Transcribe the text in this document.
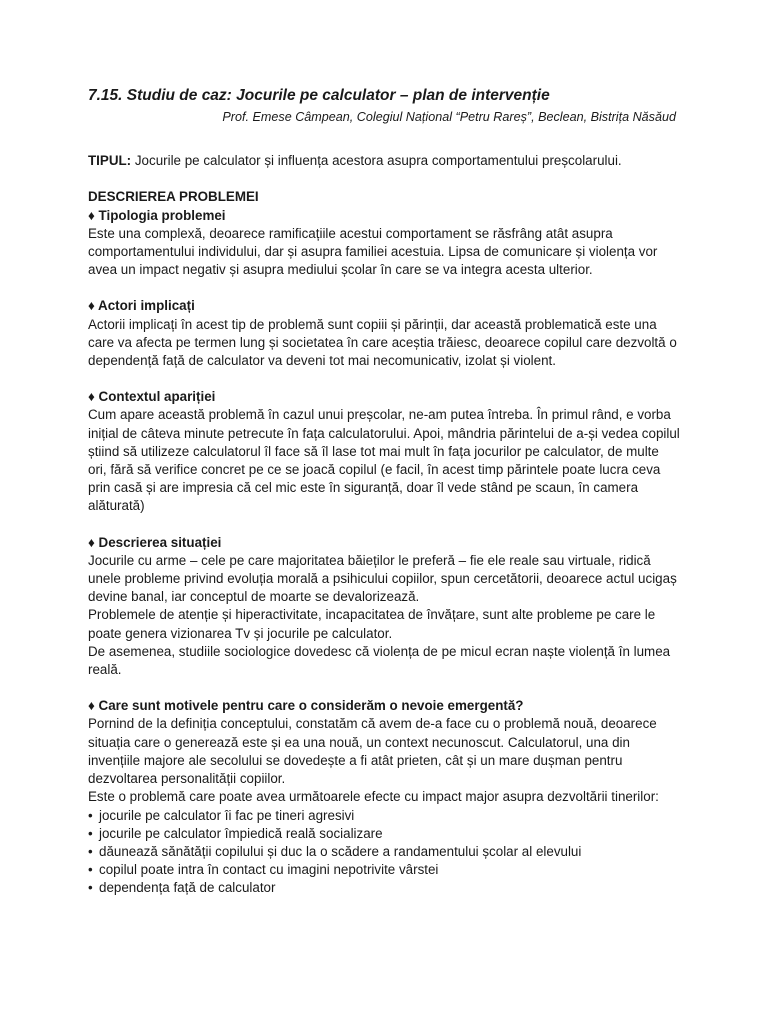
7.15. Studiu de caz: Jocurile pe calculator – plan de intervenție

Prof. Emese Câmpean, Colegiul Național “Petru Rareș”, Beclean, Bistrița Năsăud

TIPUL: Jocurile pe calculator și influența acestora asupra comportamentului preșcolarului.

DESCRIEREA PROBLEMEI

♦ Tipologia problemei

Este una complexă, deoarece ramificațiile acestui comportament se răsfrâng atât asupra comportamentului individului, dar și asupra familiei acestuia. Lipsa de comunicare și violența vor avea un impact negativ și asupra mediului școlar în care se va integra acesta ulterior.

♦ Actori implicați

Actorii implicați în acest tip de problemă sunt copiii și părinții, dar această problematică este una care va afecta pe termen lung și societatea în care aceștia trăiesc, deoarece copilul care dezvoltă o dependență față de calculator va deveni tot mai necomunicativ, izolat și violent.

♦ Contextul apariției

Cum apare această problemă în cazul unui preșcolar, ne-am putea întreba. În primul rând, e vorba inițial de câteva minute petrecute în fața calculatorului. Apoi, mândria părintelui de a-și vedea copilul știind să utilizeze calculatorul îl face să îl lase tot mai mult în fața jocurilor pe calculator, de multe ori, fără să verifice concret pe ce se joacă copilul (e facil, în acest timp părintele poate lucra ceva prin casă și are impresia că cel mic este în siguranță, doar îl vede stând pe scaun, în camera alăturată)

♦ Descrierea situației

Jocurile cu arme – cele pe care majoritatea băieților le preferă – fie ele reale sau virtuale, ridică unele probleme privind evoluția morală a psihicului copiilor, spun cercetătorii, deoarece actul ucigaș devine banal, iar conceptul de moarte se devalorizează.

Problemele de atenție și hiperactivitate, incapacitatea de învățare, sunt alte probleme pe care le poate genera vizionarea Tv și jocurile pe calculator.

De asemenea, studiile sociologice dovedesc că violența de pe micul ecran naște violență în lumea reală.

♦ Care sunt motivele pentru care o considerăm o nevoie emergentă?

Pornind de la definiția conceptului, constatăm că avem de-a face cu o problemă nouă, deoarece situația care o generează este și ea una nouă, un context necunoscut. Calculatorul, una din invențiile majore ale secolului se dovedește a fi atât prieten, cât și un mare dușman pentru dezvoltarea personalității copiilor.

Este o problemă care poate avea următoarele efecte cu impact major asupra dezvoltării tinerilor:

• jocurile pe calculator îi fac pe tineri agresivi
• jocurile pe calculator împiedică reală socializare
• dăunează sănătății copilului și duc la o scădere a randamentului școlar al elevului
• copilul poate intra în contact cu imagini nepotrivite vârstei
• dependența față de calculator
